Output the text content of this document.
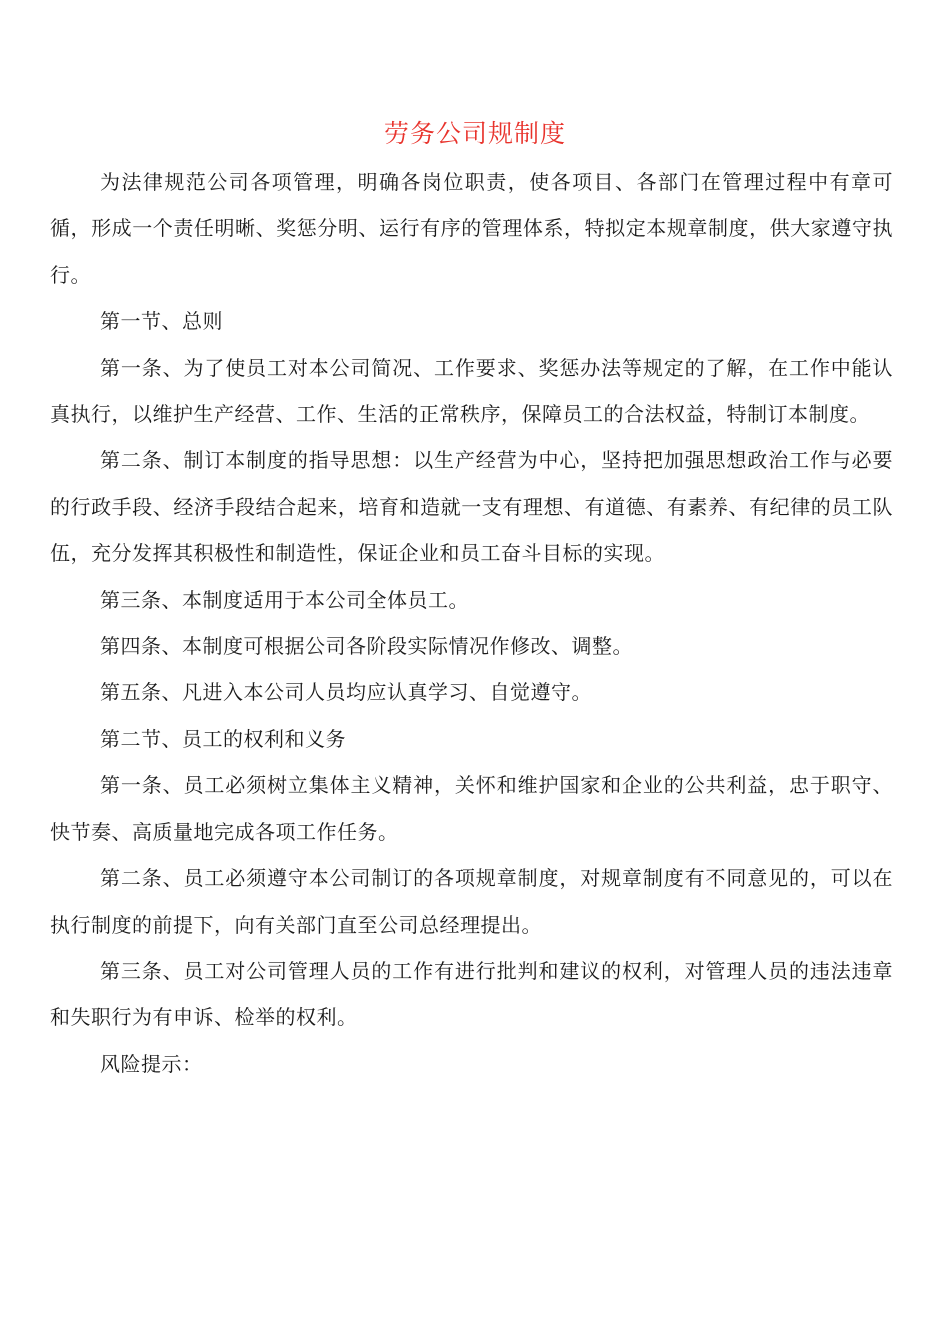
劳务公司规制度

为法律规范公司各项管理，明确各岗位职责，使各项目、各部门在管理过程中有章可循，形成一个责任明晰、奖惩分明、运行有序的管理体系，特拟定本规章制度，供大家遵守执行。

第一节、总则

第一条、为了使员工对本公司简况、工作要求、奖惩办法等规定的了解，在工作中能认真执行，以维护生产经营、工作、生活的正常秩序，保障员工的合法权益，特制订本制度。

第二条、制订本制度的指导思想：以生产经营为中心，坚持把加强思想政治工作与必要的行政手段、经济手段结合起来，培育和造就一支有理想、有道德、有素养、有纪律的员工队伍，充分发挥其积极性和制造性，保证企业和员工奋斗目标的实现。

第三条、本制度适用于本公司全体员工。

第四条、本制度可根据公司各阶段实际情况作修改、调整。

第五条、凡进入本公司人员均应认真学习、自觉遵守。

第二节、员工的权利和义务

第一条、员工必须树立集体主义精神，关怀和维护国家和企业的公共利益，忠于职守、快节奏、高质量地完成各项工作任务。

第二条、员工必须遵守本公司制订的各项规章制度，对规章制度有不同意见的，可以在执行制度的前提下，向有关部门直至公司总经理提出。

第三条、员工对公司管理人员的工作有进行批判和建议的权利，对管理人员的违法违章和失职行为有申诉、检举的权利。

风险提示：
